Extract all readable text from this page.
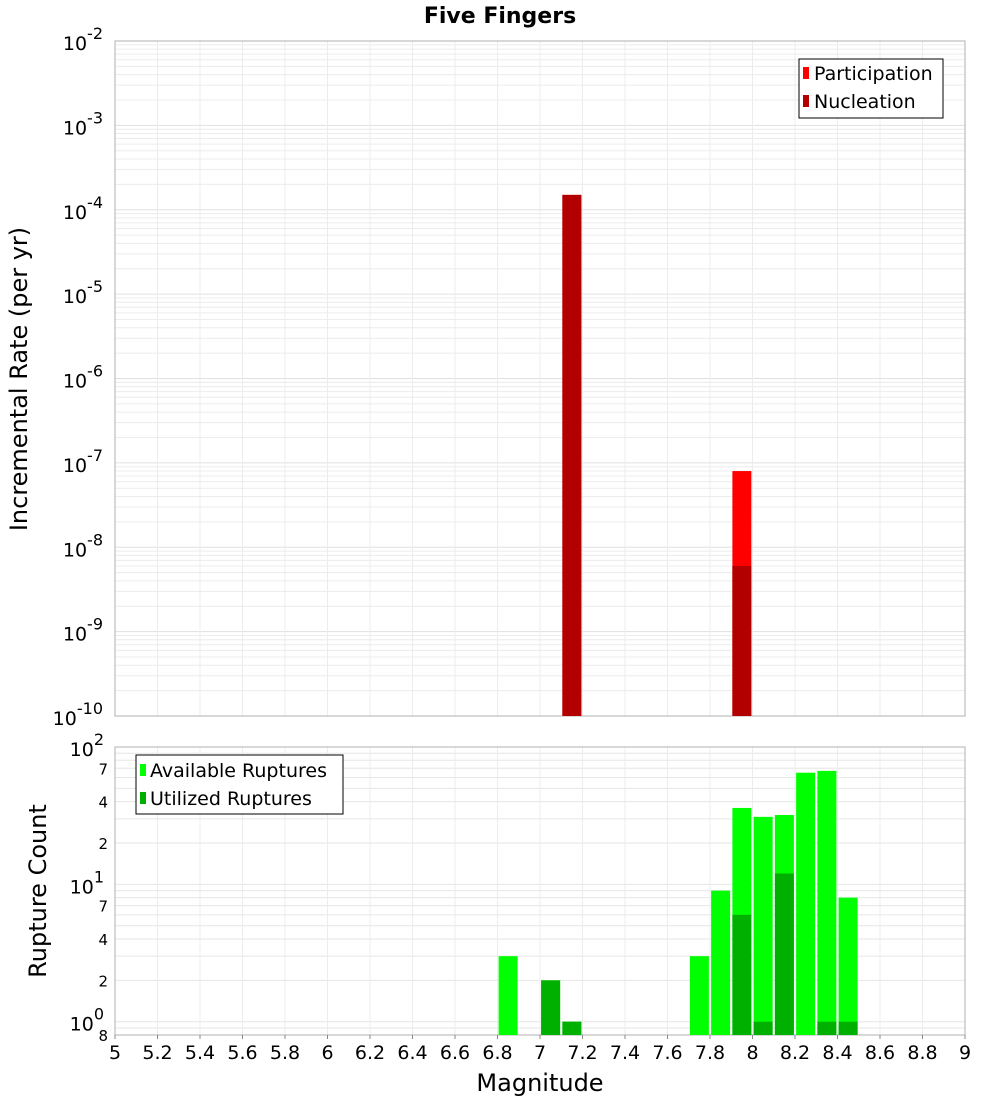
Five Fingers
$10^{-2}$
$10^{-3}$
$10^{-4}$
$10^{-5}$
$10^{-6}$
$10^{-7}$
$10^{-8}$
$10^{-9}$
$10^{-10}$
Incremental Rate (per yr)
Participation
Nucleation
$10^2$
$10^1$
$10^0$
7
4
2
7
4
2
8
5 5.2 5.4 5.6 5.8 6 6.2 6.4 6.6 6.8 7 7.2 7.4 7.6 7.8 8 8.2 8.4 8.6 8.8 9
Rupture Count
Magnitude
Available Ruptures
Utilized Ruptures
